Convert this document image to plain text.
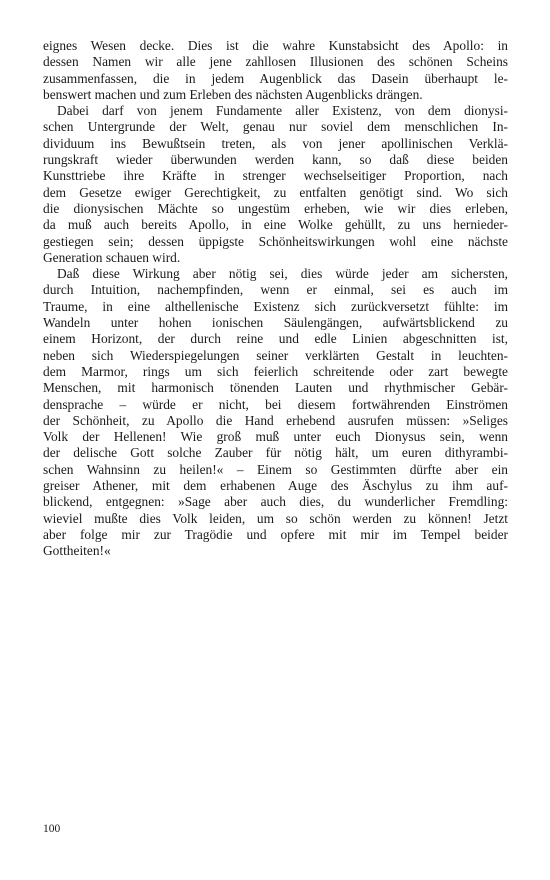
eignes Wesen decke. Dies ist die wahre Kunstabsicht des Apollo: in
dessen Namen wir alle jene zahllosen Illusionen des schönen Scheins
zusammenfassen, die in jedem Augenblick das Dasein überhaupt le-
benswert machen und zum Erleben des nächsten Augenblicks drängen.
Dabei darf von jenem Fundamente aller Existenz, von dem dionysi-
schen Untergrunde der Welt, genau nur soviel dem menschlichen In-
dividuum ins Bewußtsein treten, als von jener apollinischen Verklä-
rungskraft wieder überwunden werden kann, so daß diese beiden
Kunsttriebe ihre Kräfte in strenger wechselseitiger Proportion, nach
dem Gesetze ewiger Gerechtigkeit, zu entfalten genötigt sind. Wo sich
die dionysischen Mächte so ungestüm erheben, wie wir dies erleben,
da muß auch bereits Apollo, in eine Wolke gehüllt, zu uns hernieder-
gestiegen sein; dessen üppigste Schönheitswirkungen wohl eine nächste
Generation schauen wird.
Daß diese Wirkung aber nötig sei, dies würde jeder am sichersten,
durch Intuition, nachempfinden, wenn er einmal, sei es auch im
Traume, in eine althellenische Existenz sich zurückversetzt fühlte: im
Wandeln unter hohen ionischen Säulengängen, aufwärtsblickend zu
einem Horizont, der durch reine und edle Linien abgeschnitten ist,
neben sich Wiederspiegelungen seiner verklärten Gestalt in leuchten-
dem Marmor, rings um sich feierlich schreitende oder zart bewegte
Menschen, mit harmonisch tönenden Lauten und rhythmischer Gebär-
densprache – würde er nicht, bei diesem fortwährenden Einströmen
der Schönheit, zu Apollo die Hand erhebend ausrufen müssen: »Seliges
Volk der Hellenen! Wie groß muß unter euch Dionysus sein, wenn
der delische Gott solche Zauber für nötig hält, um euren dithyrambi-
schen Wahnsinn zu heilen!« – Einem so Gestimmten dürfte aber ein
greiser Athener, mit dem erhabenen Auge des Äschylus zu ihm auf-
blickend, entgegnen: »Sage aber auch dies, du wunderlicher Fremdling:
wieviel mußte dies Volk leiden, um so schön werden zu können! Jetzt
aber folge mir zur Tragödie und opfere mit mir im Tempel beider
Gottheiten!«
100
